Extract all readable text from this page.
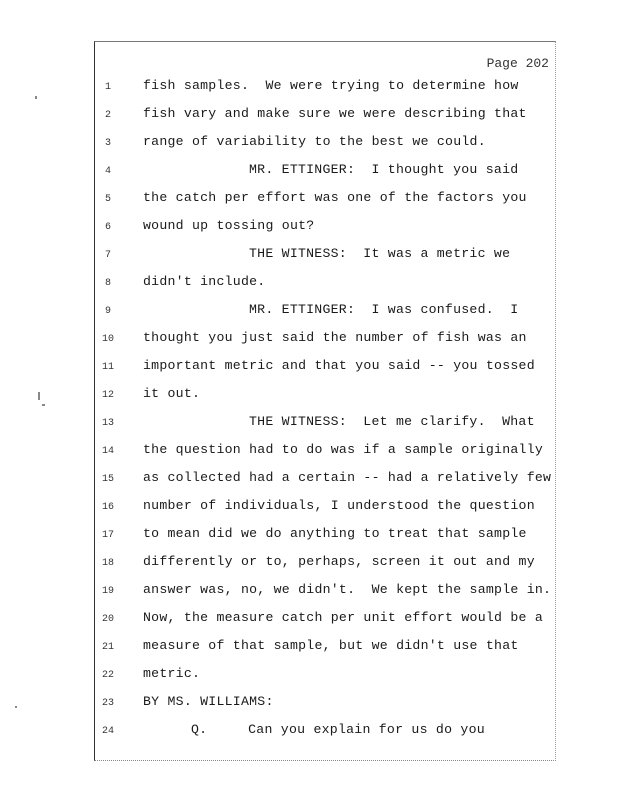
Page 202
1	fish samples.  We were trying to determine how
2	fish vary and make sure we were describing that
3	range of variability to the best we could.
4	MR. ETTINGER:  I thought you said
5	the catch per effort was one of the factors you
6	wound up tossing out?
7	THE WITNESS:  It was a metric we
8	didn't include.
9	MR. ETTINGER:  I was confused.  I
10	thought you just said the number of fish was an
11	important metric and that you said -- you tossed
12	it out.
13	THE WITNESS:  Let me clarify.  What
14	the question had to do was if a sample originally
15	as collected had a certain -- had a relatively few
16	number of individuals, I understood the question
17	to mean did we do anything to treat that sample
18	differently or to, perhaps, screen it out and my
19	answer was, no, we didn't.  We kept the sample in.
20	Now, the measure catch per unit effort would be a
21	measure of that sample, but we didn't use that
22	metric.
23	BY MS. WILLIAMS:
24	Q.     Can you explain for us do you
